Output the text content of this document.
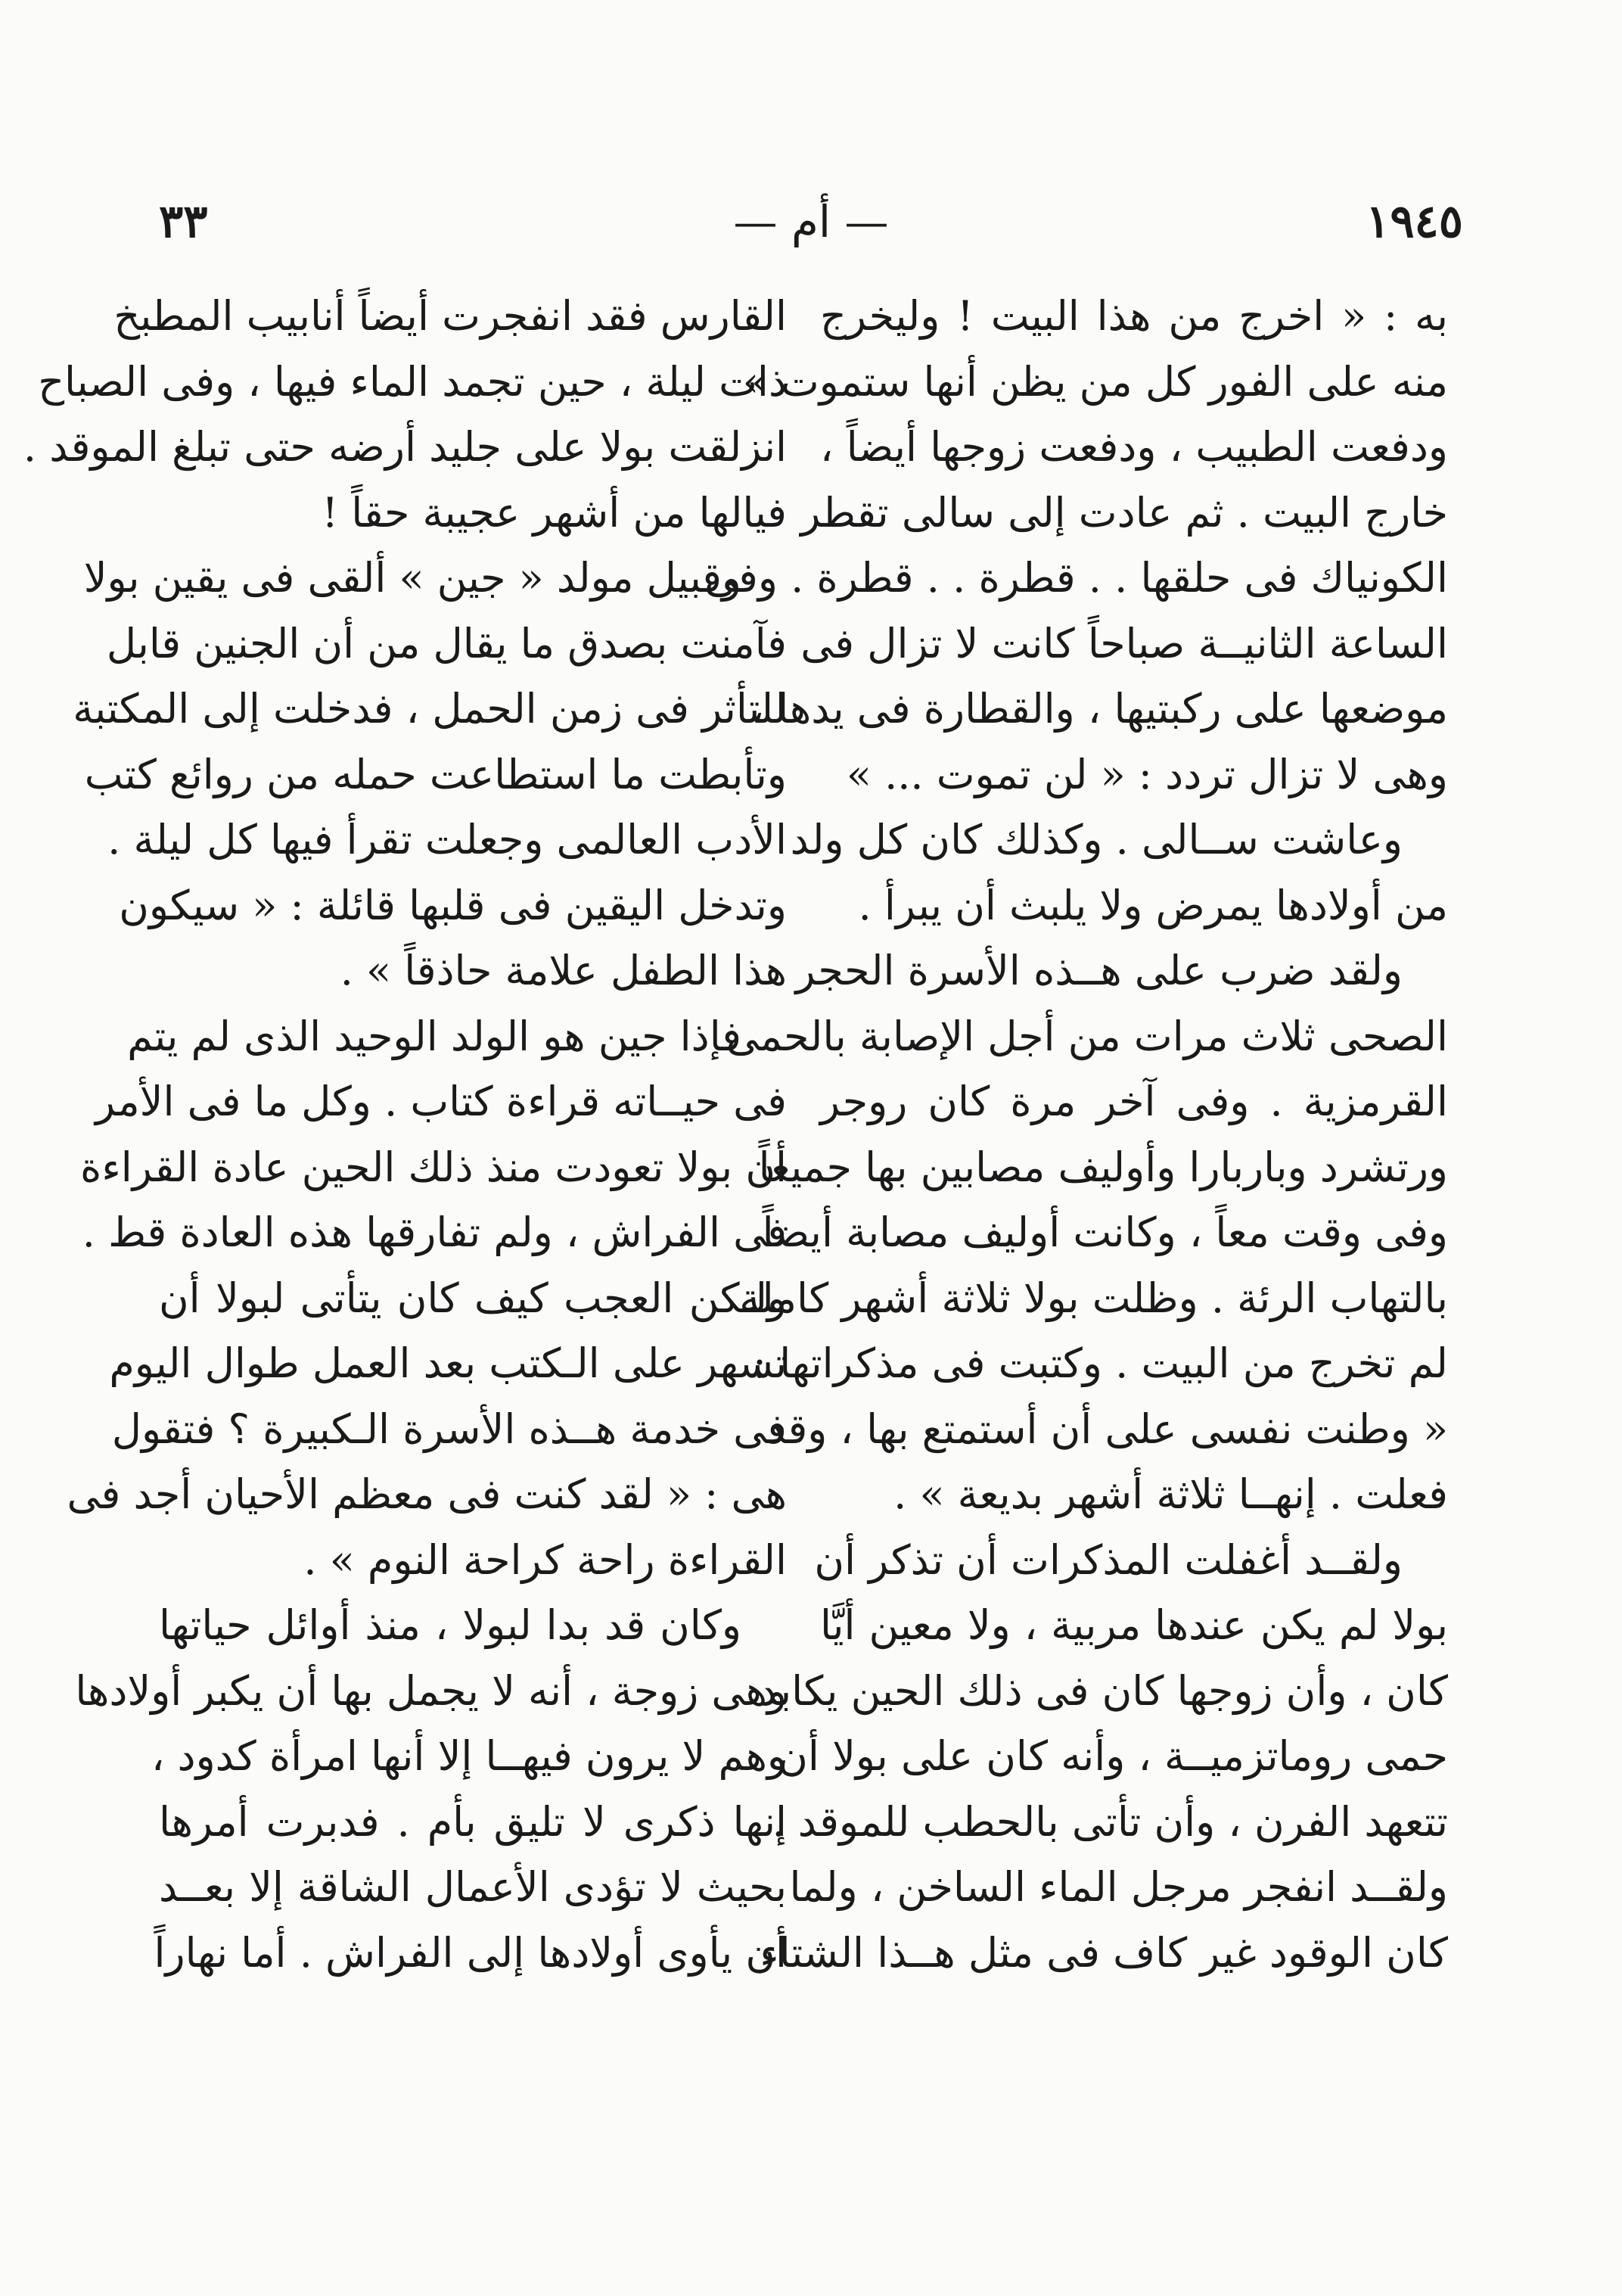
٣٣	— أم —	١٩٤٥
به : « اخرج من هذا البيت ! وليخرج
منه على الفور كل من يظن أنها ستموت »
ودفعت الطبيب ، ودفعت زوجها أيضاً ،
خارج البيت . ثم عادت إلى سالى تقطر
الكونياك فى حلقها . . قطرة . . قطرة . وفى
الساعة الثانيــة صباحاً كانت لا تزال فى
موضعها على ركبتيها ، والقطارة فى يدها ،
وهى لا تزال تردد : « لن تموت ... »
وعاشت ســالى . وكذلك كان كل ولد
من أولادها يمرض ولا يلبث أن يبرأ .
ولقد ضرب على هــذه الأسرة الحجر
الصحى ثلاث مرات من أجل الإصابة بالحمى
القرمزية . وفى آخر مرة كان روجر
ورتشرد وباربارا وأوليف مصابين بها جميعاً
وفى وقت معاً ، وكانت أوليف مصابة أيضاً
بالتهاب الرئة . وظلت بولا ثلاثة أشهر كاملة
لم تخرج من البيت . وكتبت فى مذكراتها :
« وطنت نفسى على أن أستمتع بها ، وقد
فعلت . إنهــا ثلاثة أشهر بديعة » .
ولقــد أغفلت المذكرات أن تذكر أن
بولا لم يكن عندها مربية ، ولا معين أيَّا
كان ، وأن زوجها كان فى ذلك الحين يكابد
حمى روماتزميــة ، وأنه كان على بولا أن
تتعهد الفرن ، وأن تأتى بالحطب للموقد .
ولقــد انفجر مرجل الماء الساخن ، ولما
كان الوقود غير كاف فى مثل هــذا الشتاء
القارس فقد انفجرت أيضاً أنابيب المطبخ
ذات ليلة ، حين تجمد الماء فيها ، وفى الصباح
انزلقت بولا على جليد أرضه حتى تبلغ الموقد .
فيالها من أشهر عجيبة حقاً !
وقبيل مولد « جين » ألقى فى يقين بولا
فآمنت بصدق ما يقال من أن الجنين قابل
للتأثر فى زمن الحمل ، فدخلت إلى المكتبة
وتأبطت ما استطاعت حمله من روائع كتب
الأدب العالمى وجعلت تقرأ فيها كل ليلة .
وتدخل اليقين فى قلبها قائلة : « سيكون
هذا الطفل علامة حاذقاً » .
فإذا جين هو الولد الوحيد الذى لم يتم
فى حيــاته قراءة كتاب . وكل ما فى الأمر
أن بولا تعودت منذ ذلك الحين عادة القراءة
فى الفراش ، ولم تفارقها هذه العادة قط .
ولـكن العجب كيف كان يتأتى لبولا أن
تسهر على الـكتب بعد العمل طوال اليوم
فى خدمة هــذه الأسرة الـكبيرة ؟ فتقول
هى : « لقد كنت فى معظم الأحيان أجد فى
القراءة راحة كراحة النوم » .
وكان قد بدا لبولا ، منذ أوائل حياتها
وهى زوجة ، أنه لا يجمل بها أن يكبر أولادها
وهم لا يرون فيهــا إلا أنها امرأة كدود ،
إنها ذكرى لا تليق بأم . فدبرت أمرها
بحيث لا تؤدى الأعمال الشاقة إلا بعــد
أن يأوى أولادها إلى الفراش . أما نهاراً
